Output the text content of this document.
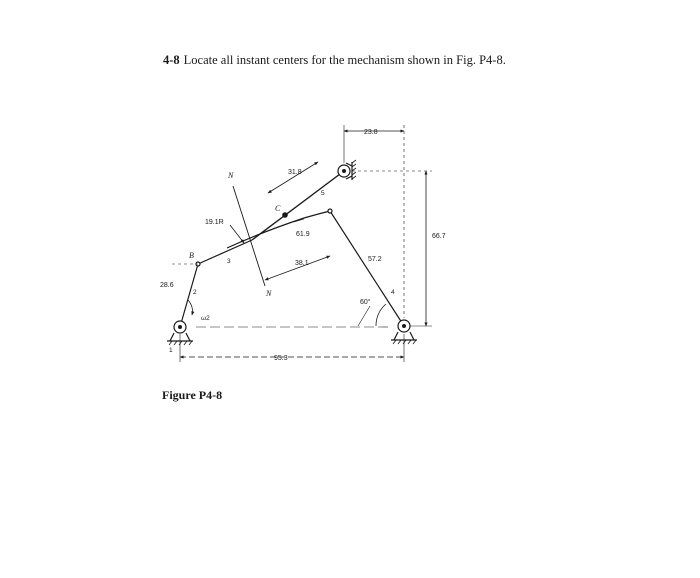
4-8 Locate all instant centers for the mechanism shown in Fig. P4-8.
23.8
31.8
19.1R
61.9
38.1
57.2
66.7
28.6
95.3
60°
B
C
N
N
1
2
3
4
5
ω2
Figure P4-8
